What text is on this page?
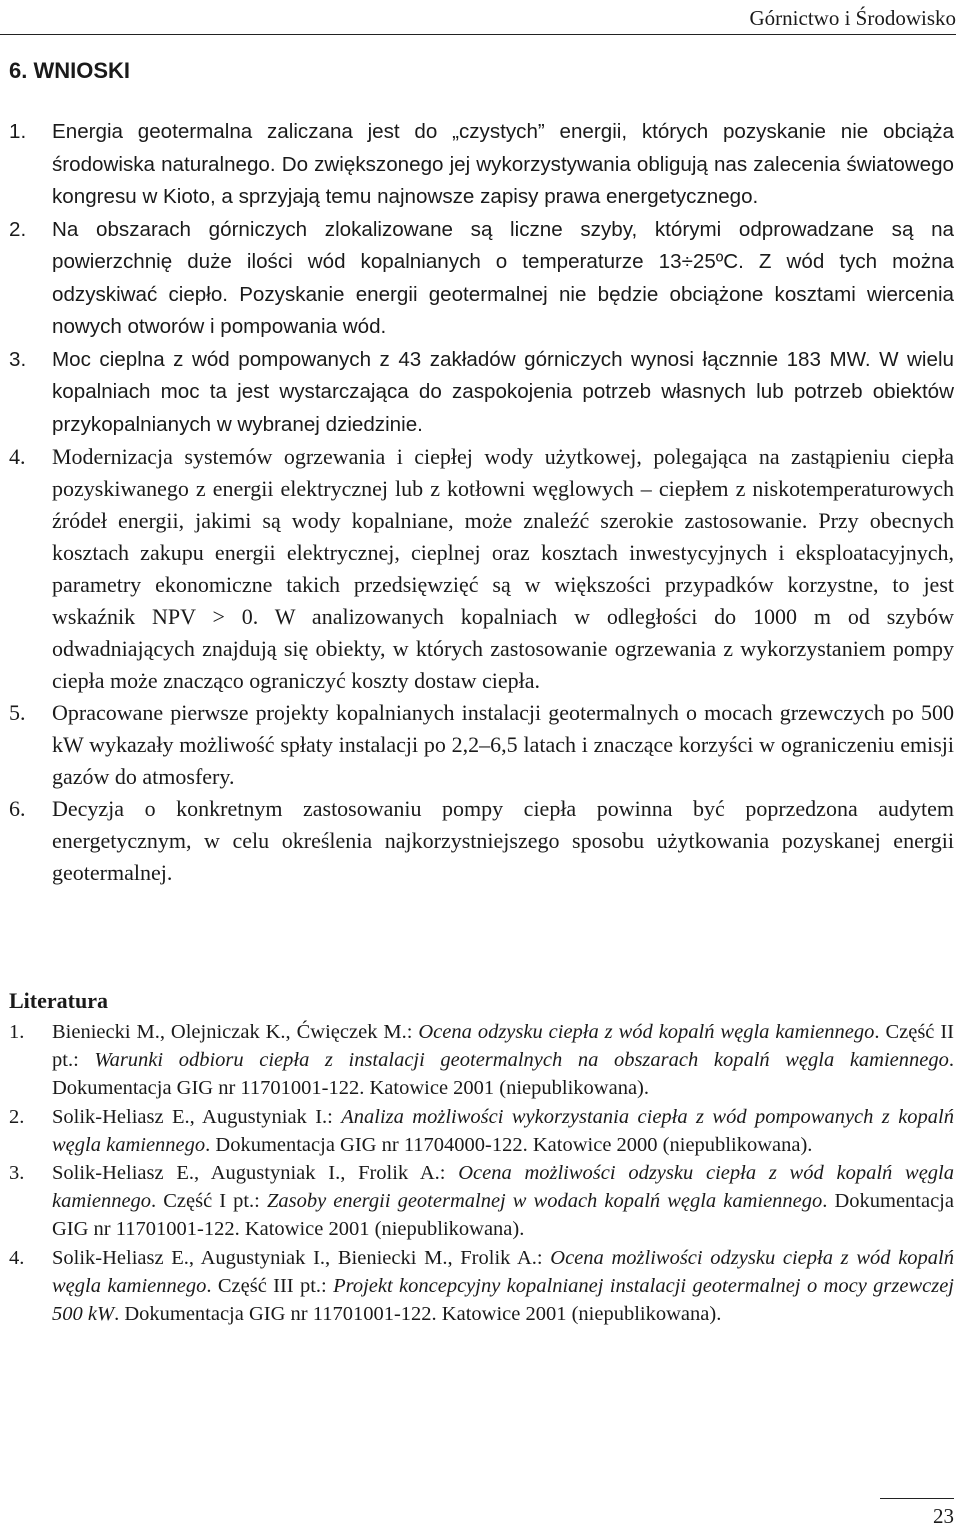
Górnictwo i Środowisko
6. WNIOSKI

1. Energia geotermalna zaliczana jest do „czystych” energii, których pozyskanie nie obciąża środowiska naturalnego. Do zwiększonego jej wykorzystywania obligują nas zalecenia światowego kongresu w Kioto, a sprzyjają temu najnowsze zapisy prawa energetycznego.

2. Na obszarach górniczych zlokalizowane są liczne szyby, którymi odprowadzane są na powierzchnię duże ilości wód kopalnianych o temperaturze 13÷25ºC. Z wód tych można odzyskiwać ciepło. Pozyskanie energii geotermalnej nie będzie obciążone kosztami wiercenia nowych otworów i pompowania wód.

3. Moc cieplna z wód pompowanych z 43 zakładów górniczych wynosi łącznnie 183 MW. W wielu kopalniach moc ta jest wystarczająca do zaspokojenia potrzeb własnych lub potrzeb obiektów przykopalnianych w wybranej dziedzinie.

4. Modernizacja systemów ogrzewania i ciepłej wody użytkowej, polegająca na zastąpieniu ciepła pozyskiwanego z energii elektrycznej lub z kotłowni węglowych – ciepłem z niskotemperaturowych źródeł energii, jakimi są wody kopalniane, może znaleźć szerokie zastosowanie. Przy obecnych kosztach zakupu energii elektrycznej, cieplnej oraz kosztach inwestycyjnych i eksploatacyjnych, parametry ekonomiczne takich przedsięwzięć są w większości przypadków korzystne, to jest wskaźnik NPV > 0. W analizowanych kopalniach w odległości do 1000 m od szybów odwadniających znajdują się obiekty, w których zastosowanie ogrzewania z wykorzystaniem pompy ciepła może znacząco ograniczyć koszty dostaw ciepła.

5. Opracowane pierwsze projekty kopalnianych instalacji geotermalnych o mocach grzewczych po 500 kW wykazały możliwość spłaty instalacji po 2,2–6,5 latach i znaczące korzyści w ograniczeniu emisji gazów do atmosfery.

6. Decyzja o konkretnym zastosowaniu pompy ciepła powinna być poprzedzona audytem energetycznym, w celu określenia najkorzystniejszego sposobu użytkowania pozyskanej energii geotermalnej.

Literatura
1. Bieniecki M., Olejniczak K., Ćwięczek M.: Ocena odzysku ciepła z wód kopalń węgla kamiennego. Część II pt.: Warunki odbioru ciepła z instalacji geotermalnych na obszarach kopalń węgla kamiennego. Dokumentacja GIG nr 11701001-122. Katowice 2001 (niepublikowana).
2. Solik-Heliasz E., Augustyniak I.: Analiza możliwości wykorzystania ciepła z wód pompowanych z kopalń węgla kamiennego. Dokumentacja GIG nr 11704000-122. Katowice 2000 (niepublikowana).
3. Solik-Heliasz E., Augustyniak I., Frolik A.: Ocena możliwości odzysku ciepła z wód kopalń węgla kamiennego. Część I pt.: Zasoby energii geotermalnej w wodach kopalń węgla kamiennego. Dokumentacja GIG nr 11701001-122. Katowice 2001 (niepublikowana).
4. Solik-Heliasz E., Augustyniak I., Bieniecki M., Frolik A.: Ocena możliwości odzysku ciepła z wód kopalń węgla kamiennego. Część III pt.: Projekt koncepcyjny kopalnianej instalacji geotermalnej o mocy grzewczej 500 kW. Dokumentacja GIG nr 11701001-122. Katowice 2001 (niepublikowana).
23
